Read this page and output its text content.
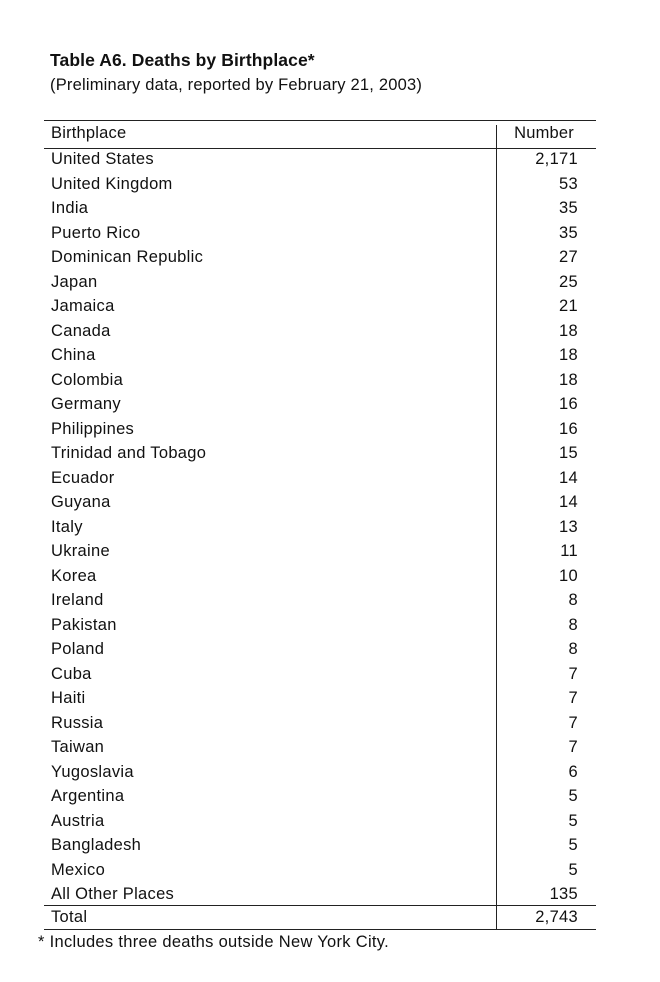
Table A6. Deaths by Birthplace*
(Preliminary data, reported by February 21, 2003)
Birthplace	Number
United States	2,171
United Kingdom	53
India	35
Puerto Rico	35
Dominican Republic	27
Japan	25
Jamaica	21
Canada	18
China	18
Colombia	18
Germany	16
Philippines	16
Trinidad and Tobago	15
Ecuador	14
Guyana	14
Italy	13
Ukraine	11
Korea	10
Ireland	8
Pakistan	8
Poland	8
Cuba	7
Haiti	7
Russia	7
Taiwan	7
Yugoslavia	6
Argentina	5
Austria	5
Bangladesh	5
Mexico	5
All Other Places	135
Total	2,743
* Includes three deaths outside New York City.
